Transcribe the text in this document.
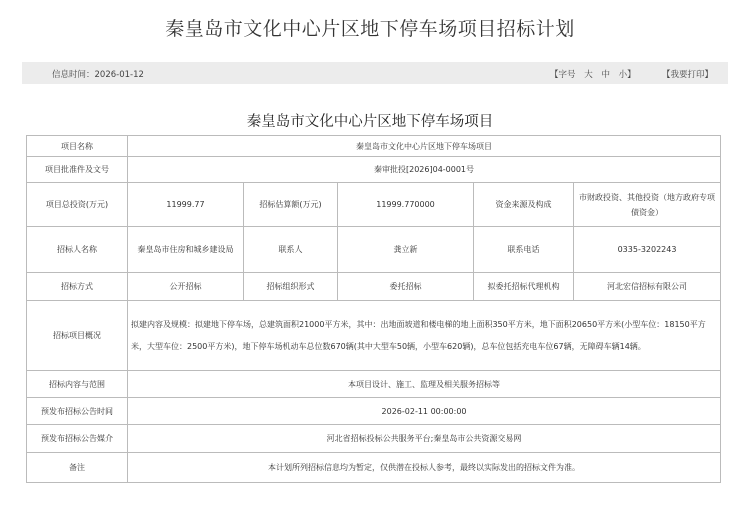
秦皇岛市文化中心片区地下停车场项目招标计划
信息时间：2026-01-12	【字号 大 中 小】	【我要打印】
秦皇岛市文化中心片区地下停车场项目
项目名称	秦皇岛市文化中心片区地下停车场项目				
项目批准件及文号	秦审批投[2026]04-0001号				
项目总投资(万元)	11999.77	招标估算额(万元)	11999.770000	资金来源及构成	市财政投资、其他投资（地方政府专项债资金）
招标人名称	秦皇岛市住房和城乡建设局	联系人	龚立新	联系电话	0335-3202243
招标方式	公开招标	招标组织形式	委托招标	拟委托招标代理机构	河北宏信招标有限公司
招标项目概况	拟建内容及规模：拟建地下停车场，总建筑面积21000平方米，其中：出地面坡道和楼电梯的地上面积350平方米，地下面积20650平方米(小型车位：18150平方米，大型车位：2500平方米)，地下停车场机动车总位数670辆(其中大型车50辆，小型车620辆)，总车位包括充电车位67辆，无障碍车辆14辆。				
招标内容与范围	本项目设计、施工、监理及相关服务招标等				
预发布招标公告时间	2026-02-11 00:00:00				
预发布招标公告媒介	河北省招标投标公共服务平台;秦皇岛市公共资源交易网				
备注	本计划所列招标信息均为暂定，仅供潜在投标人参考，最终以实际发出的招标文件为准。				
